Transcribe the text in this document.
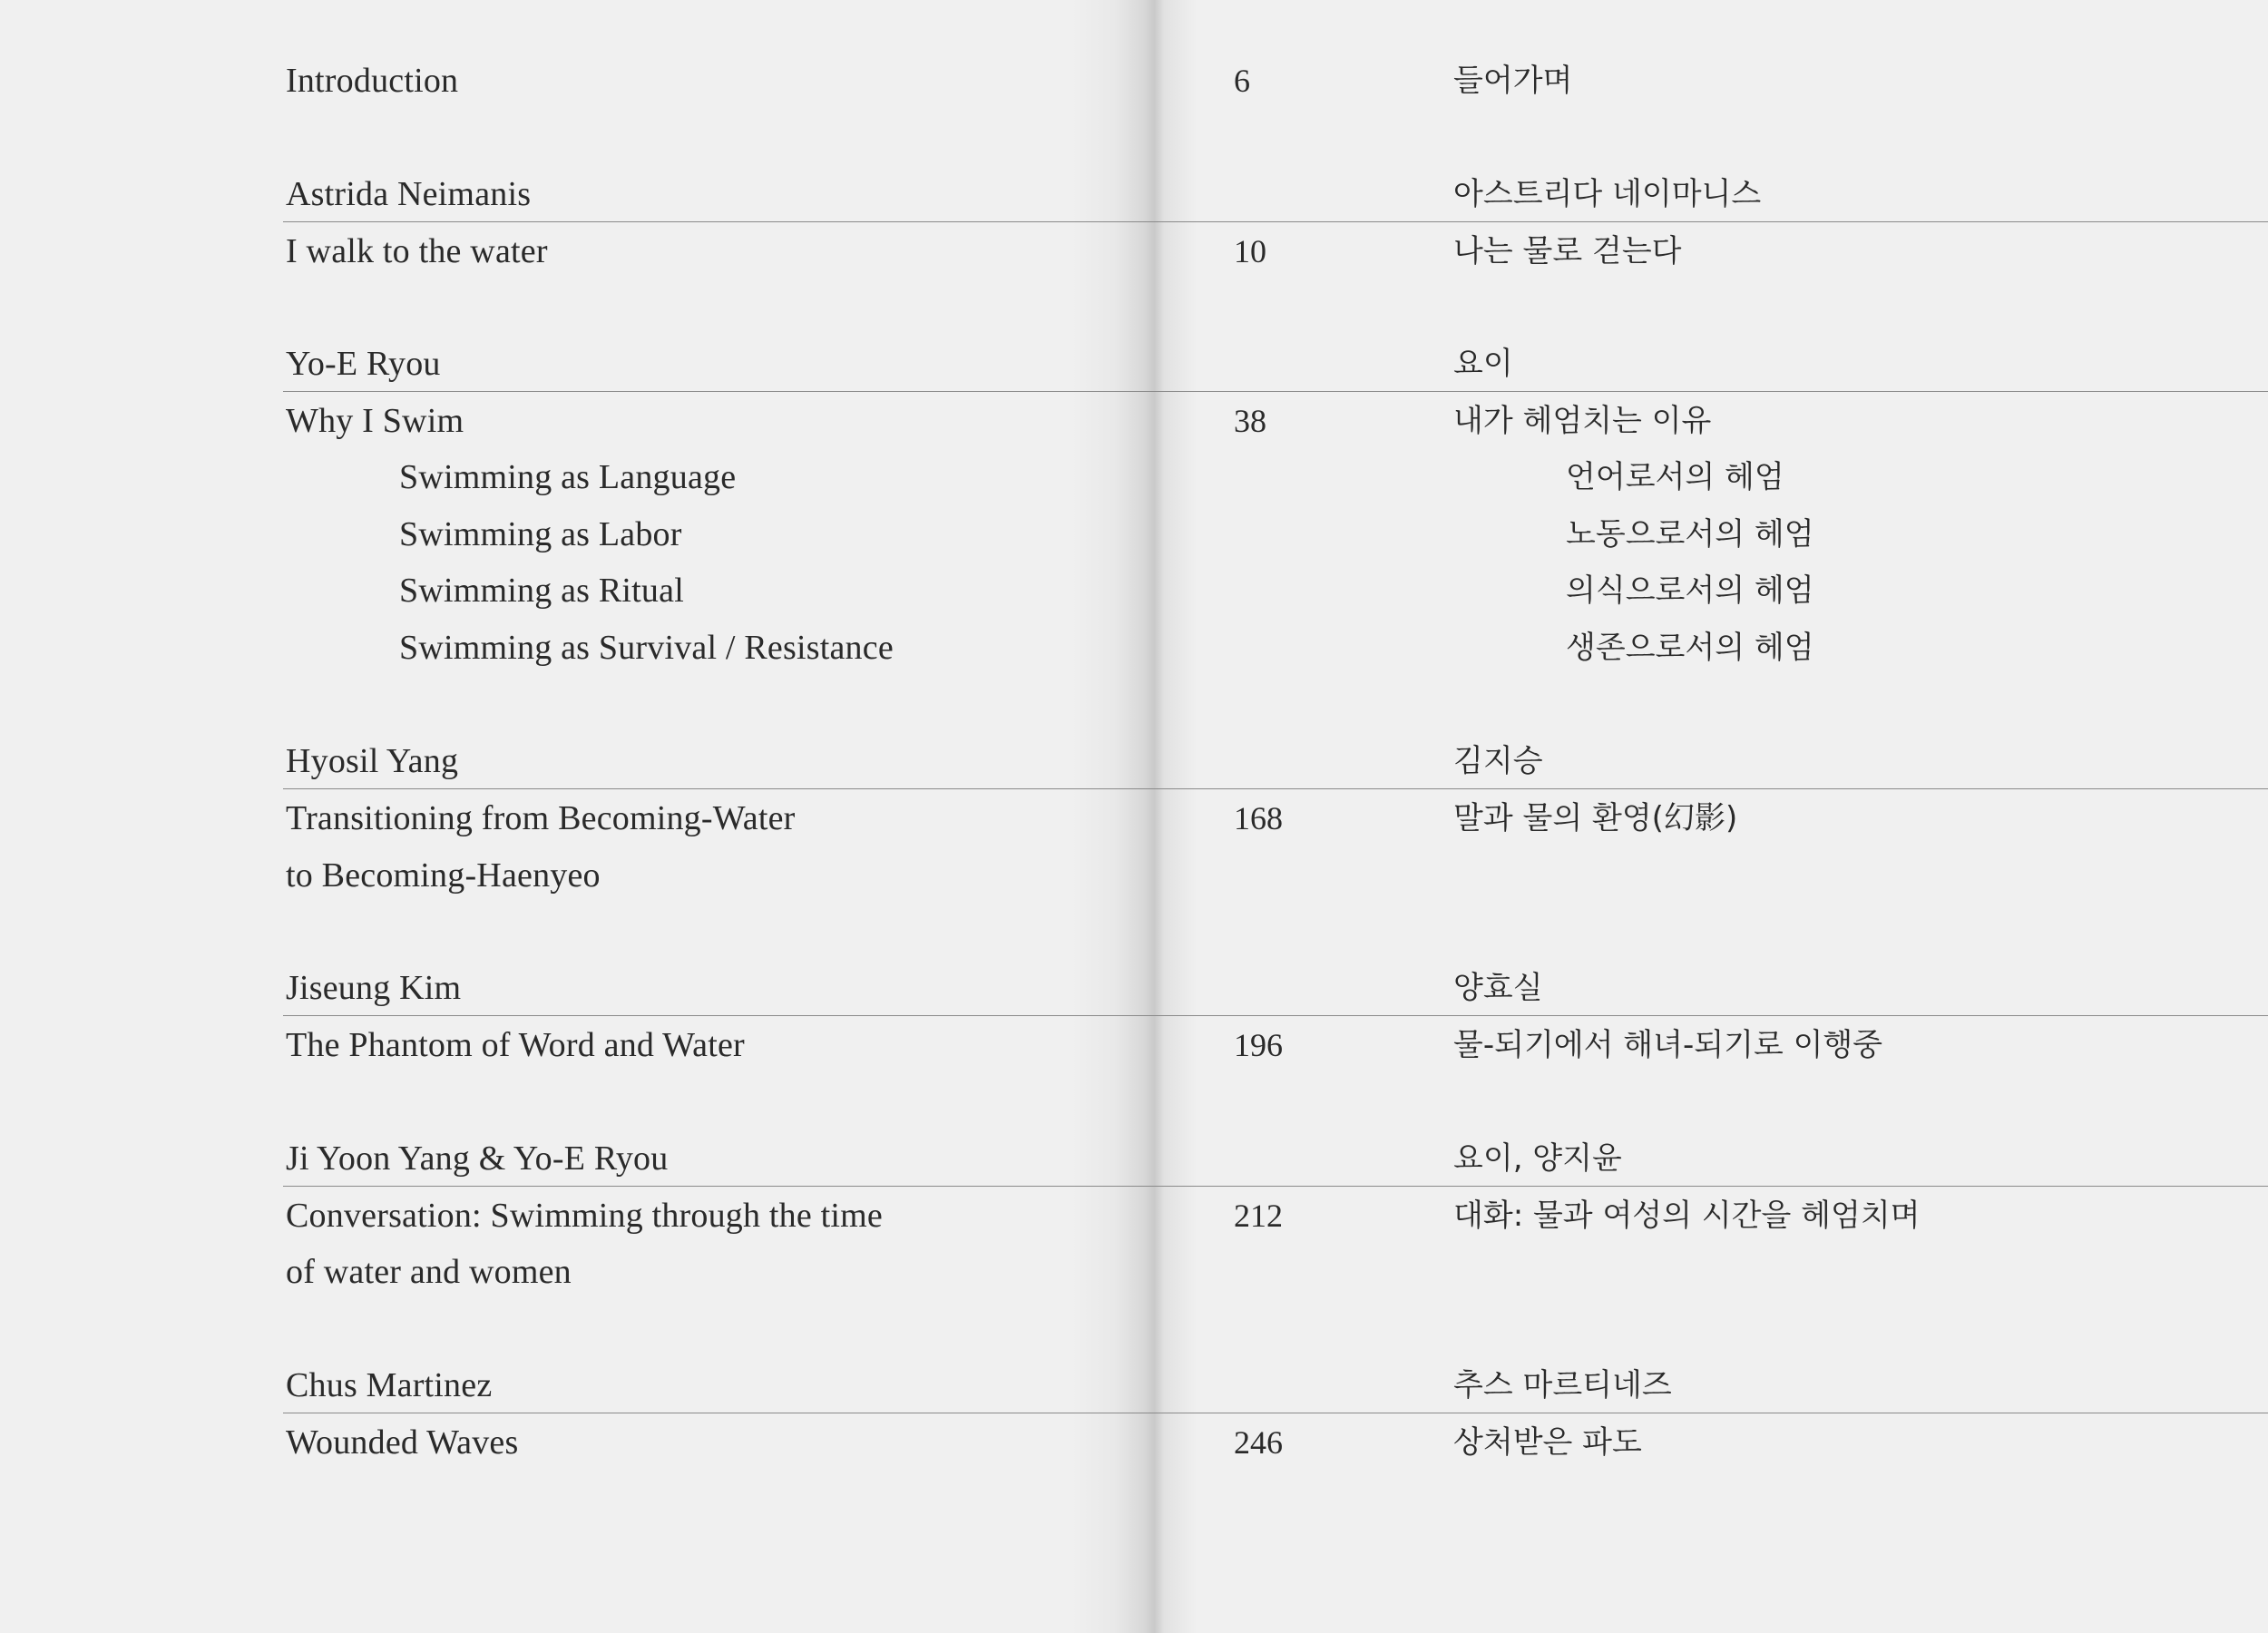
Introduction	6	들어가며
Astrida Neimanis	아스트리다 네이마니스
I walk to the water	10	나는 물로 걷는다
Yo-E Ryou	요이
Why I Swim	38	내가 헤엄치는 이유
Swimming as Language	언어로서의 헤엄
Swimming as Labor	노동으로서의 헤엄
Swimming as Ritual	의식으로서의 헤엄
Swimming as Survival / Resistance	생존으로서의 헤엄
Hyosil Yang	김지승
Transitioning from Becoming-Water	168	말과 물의 환영(幻影)
to Becoming-Haenyeo
Jiseung Kim	양효실
The Phantom of Word and Water	196	물-되기에서 해녀-되기로 이행중
Ji Yoon Yang & Yo-E Ryou	요이, 양지윤
Conversation: Swimming through the time	212	대화: 물과 여성의 시간을 헤엄치며
of water and women
Chus Martinez	추스 마르티네즈
Wounded Waves	246	상처받은 파도
